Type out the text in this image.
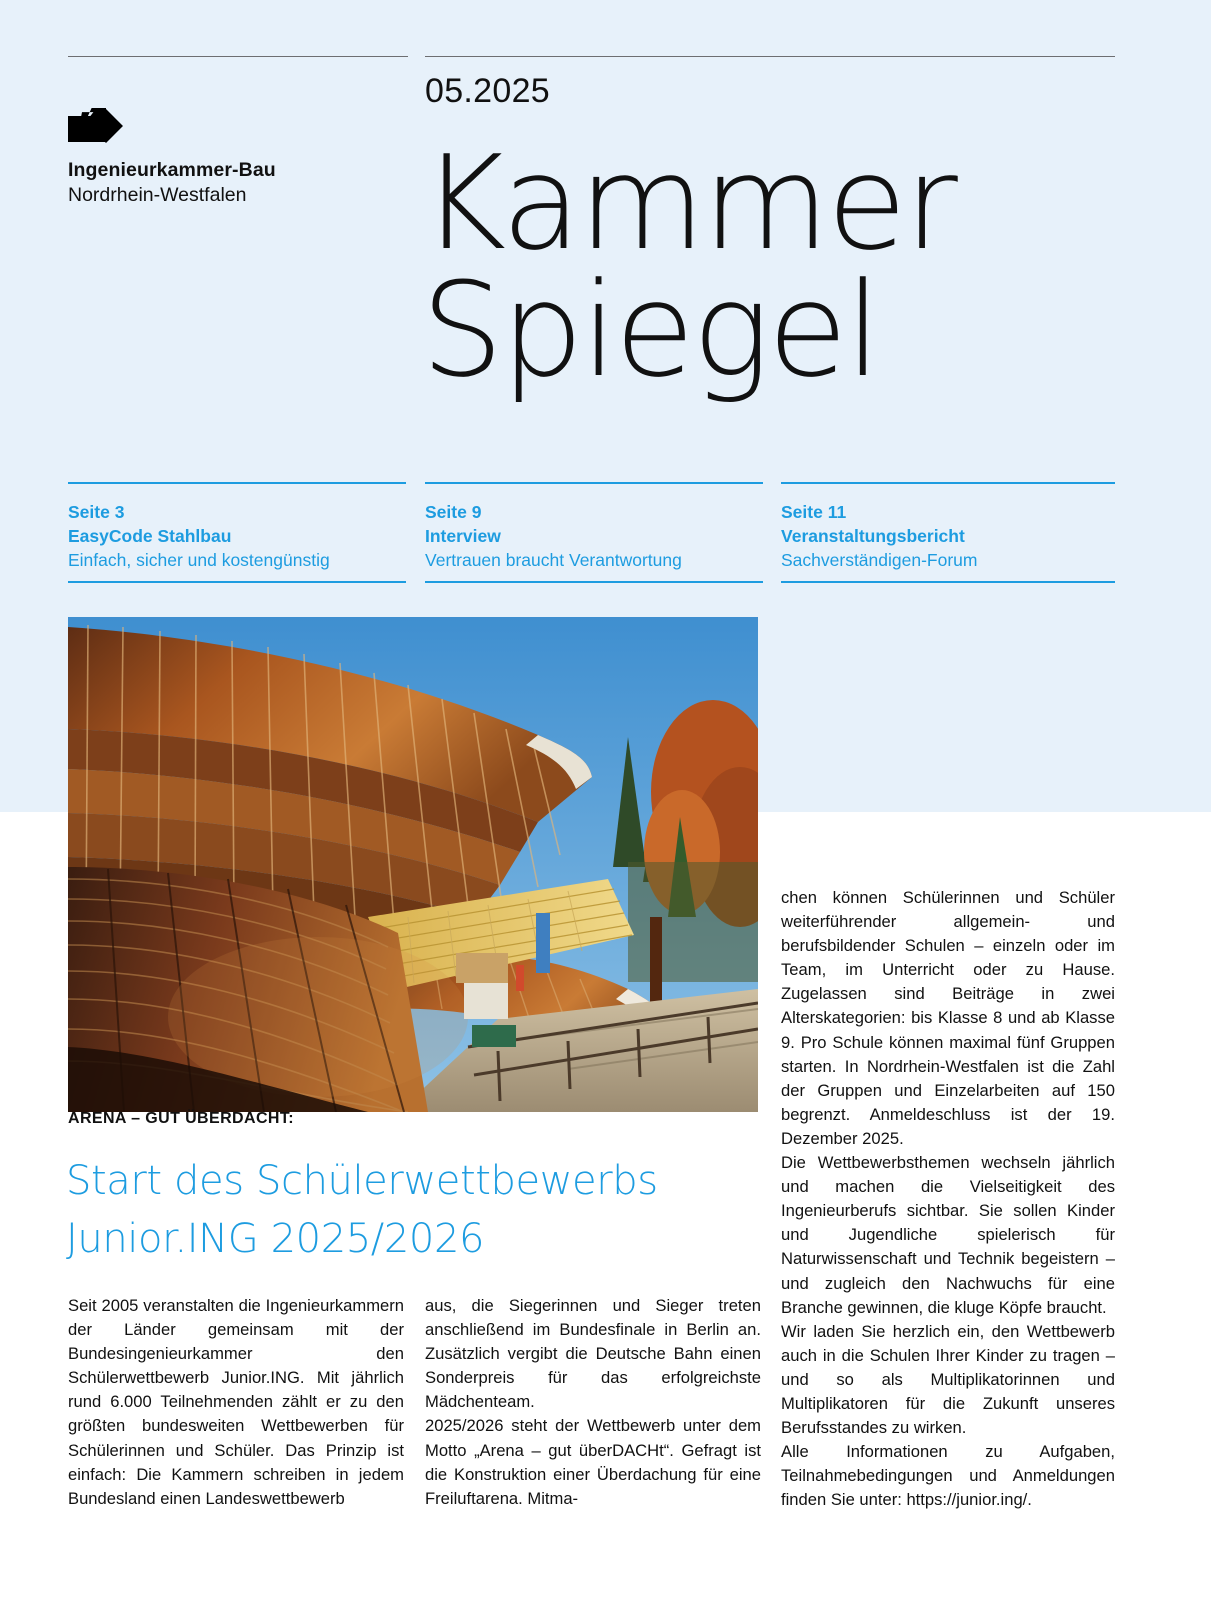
Ingenieurkammer-Bau
Nordrhein-Westfalen
05.2025
Kammer
Spiegel
Seite 3
EasyCode Stahlbau
Einfach, sicher und kostengünstig
Seite 9
Interview
Vertrauen braucht Verantwortung
Seite 11
Veranstaltungsbericht
Sachverständigen-Forum
ARENA – GUT ÜBERDACHT:
Start des Schülerwettbewerbs
Junior.ING 2025/2026

Seit 2005 veranstalten die Ingenieurkammern der Länder gemeinsam mit der Bundesingenieurkammer den Schülerwettbewerb Junior.ING. Mit jährlich rund 6.000 Teilnehmenden zählt er zu den größten bundesweiten Wettbewerben für Schülerinnen und Schüler. Das Prinzip ist einfach: Die Kammern schreiben in jedem Bundesland einen Landeswettbewerb

aus, die Siegerinnen und Sieger treten anschließend im Bundesfinale in Berlin an. Zusätzlich vergibt die Deutsche Bahn einen Sonderpreis für das erfolgreichste Mädchenteam.

2025/2026 steht der Wettbewerb unter dem Motto „Arena – gut überDACHt“. Gefragt ist die Konstruktion einer Überdachung für eine Freiluftarena. Mitma-

chen können Schülerinnen und Schüler weiterführender allgemein- und berufsbildender Schulen – einzeln oder im Team, im Unterricht oder zu Hause. Zugelassen sind Beiträge in zwei Alterskategorien: bis Klasse 8 und ab Klasse 9. Pro Schule können maximal fünf Gruppen starten. In Nordrhein-Westfalen ist die Zahl der Gruppen und Einzelarbeiten auf 150 begrenzt. Anmeldeschluss ist der 19. Dezember 2025.

Die Wettbewerbsthemen wechseln jährlich und machen die Vielseitigkeit des Ingenieurberufs sichtbar. Sie sollen Kinder und Jugendliche spielerisch für Naturwissenschaft und Technik begeistern – und zugleich den Nachwuchs für eine Branche gewinnen, die kluge Köpfe braucht.

Wir laden Sie herzlich ein, den Wettbewerb auch in die Schulen Ihrer Kinder zu tragen – und so als Multiplikatorinnen und Multiplikatoren für die Zukunft unseres Berufsstandes zu wirken.

Alle Informationen zu Aufgaben, Teilnahmebedingungen und Anmeldungen finden Sie unter: https://junior.ing/.
